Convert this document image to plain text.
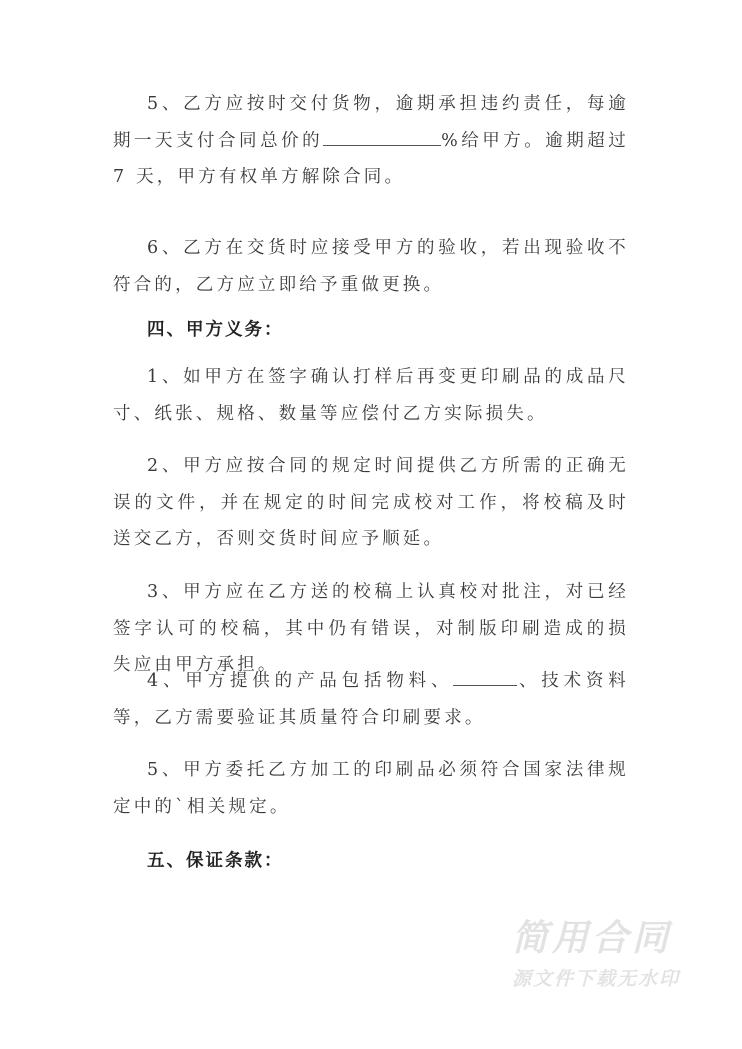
5、乙方应按时交付货物，逾期承担违约责任，每逾期一天支付合同总价的	%给甲方。逾期超过 7 天，甲方有权单方解除合同。

6、乙方在交货时应接受甲方的验收，若出现验收不符合的，乙方应立即给予重做更换。

四、甲方义务：

1、如甲方在签字确认打样后再变更印刷品的成品尺寸、纸张、规格、数量等应偿付乙方实际损失。

2、甲方应按合同的规定时间提供乙方所需的正确无误的文件，并在规定的时间完成校对工作，将校稿及时送交乙方，否则交货时间应予顺延。

3、甲方应在乙方送的校稿上认真校对批注，对已经签字认可的校稿，其中仍有错误，对制版印刷造成的损失应由甲方承担。

4、甲方提供的产品包括物料、	、技术资料等，乙方需要验证其质量符合印刷要求。

5、甲方委托乙方加工的印刷品必须符合国家法律规定中的`相关规定。

五、保证条款：

简用合同
源文件下载无水印
